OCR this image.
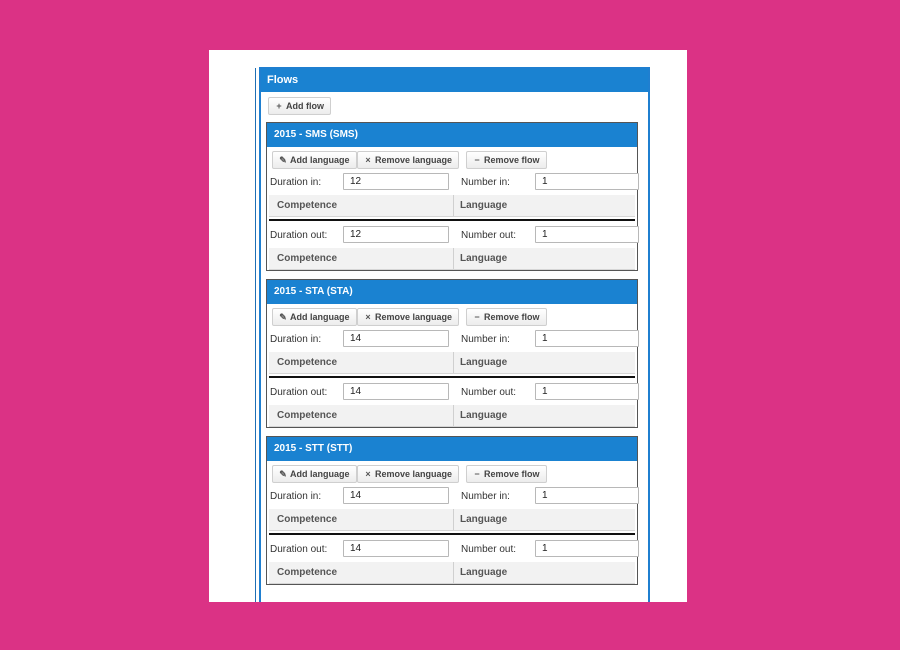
Flows
+ Add flow
2015 - SMS (SMS)
✎ Add language	× Remove language	− Remove flow
Duration in:
12	Number in:
1
Competence	Language
Duration out:
12	Number out:
1
Competence	Language
2015 - STA (STA)
✎ Add language	× Remove language	− Remove flow
Duration in:
14	Number in:
1
Competence	Language
Duration out:
14	Number out:
1
Competence	Language
2015 - STT (STT)
✎ Add language	× Remove language	− Remove flow
Duration in:
14	Number in:
1
Competence	Language
Duration out:
14	Number out:
1
Competence	Language
